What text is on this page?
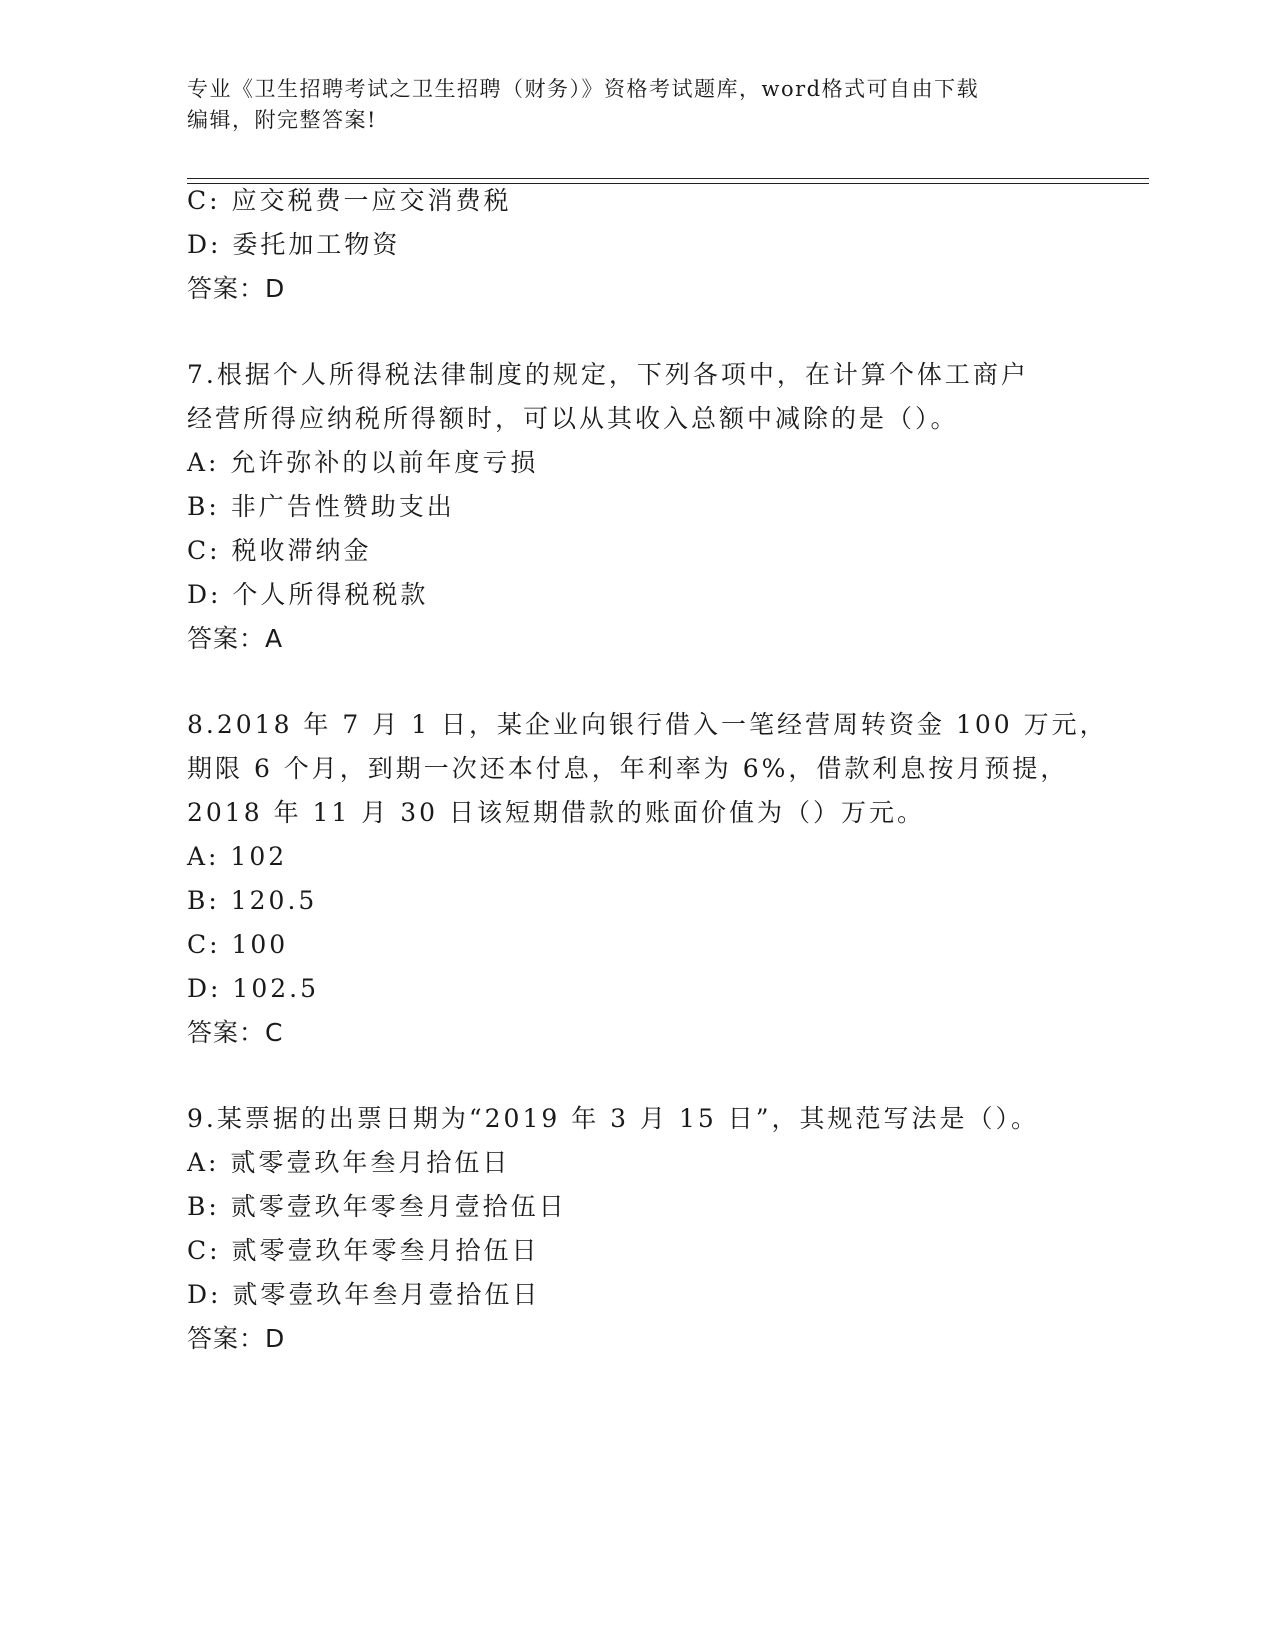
专业《卫生招聘考试之卫生招聘（财务）》资格考试题库，word格式可自由下载
编辑，附完整答案!
C: 应交税费一应交消费税
D: 委托加工物资
答案：D
7.根据个人所得税法律制度的规定，下列各项中，在计算个体工商户
经营所得应纳税所得额时，可以从其收入总额中减除的是（）。
A: 允许弥补的以前年度亏损
B: 非广告性赞助支出
C: 税收滞纳金
D: 个人所得税税款
答案：A
8.2018 年 7 月 1 日，某企业向银行借入一笔经营周转资金 100 万元，
期限 6 个月，到期一次还本付息，年利率为 6%，借款利息按月预提，
2018 年 11 月 30 日该短期借款的账面价值为（）万元。
A: 102
B: 120.5
C: 100
D: 102.5
答案：C
9.某票据的出票日期为“2019 年 3 月 15 日”，其规范写法是（）。
A: 贰零壹玖年叁月拾伍日
B: 贰零壹玖年零叁月壹拾伍日
C: 贰零壹玖年零叁月拾伍日
D: 贰零壹玖年叁月壹拾伍日
答案：D
